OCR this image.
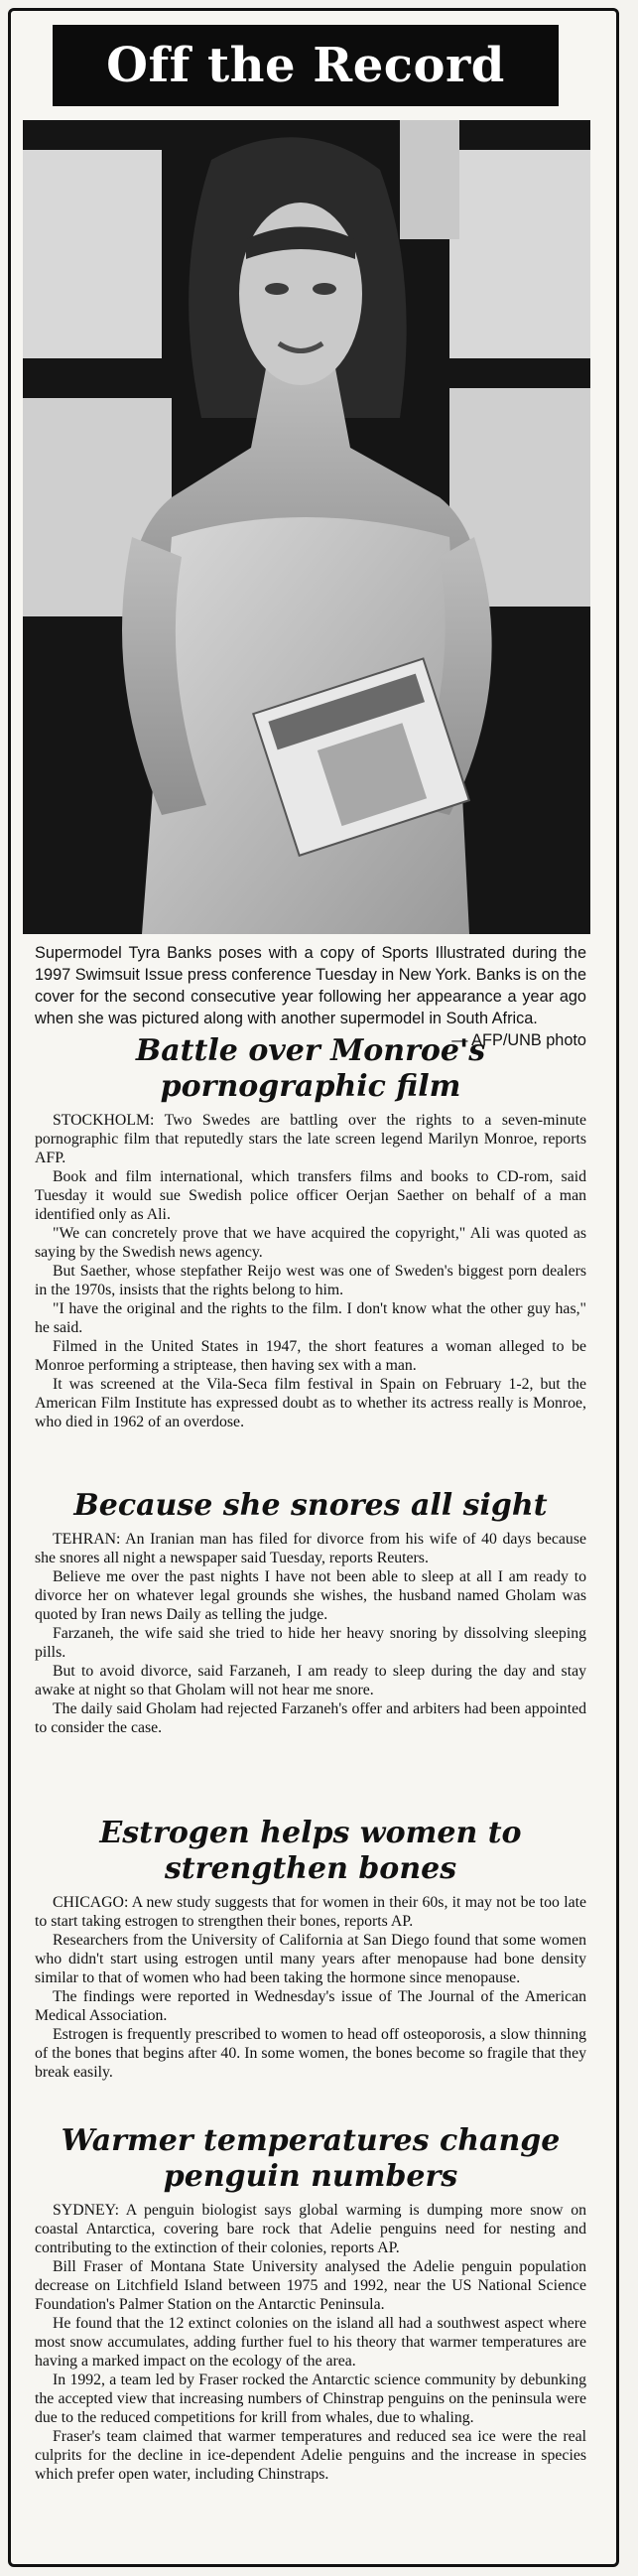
Off the Record
Supermodel Tyra Banks poses with a copy of Sports Illustrated during the 1997 Swimsuit Issue press conference Tuesday in New York. Banks is on the cover for the second consecutive year following her appearance a year ago when she was pictured along with another supermodel in South Africa.
— AFP/UNB photo
Battle over Monroe's pornographic film

STOCKHOLM: Two Swedes are battling over the rights to a seven-minute pornographic film that reputedly stars the late screen legend Marilyn Monroe, reports AFP.

Book and film international, which transfers films and books to CD-rom, said Tuesday it would sue Swedish police officer Oerjan Saether on behalf of a man identified only as Ali.

"We can concretely prove that we have acquired the copyright," Ali was quoted as saying by the Swedish news agency.

But Saether, whose stepfather Reijo west was one of Sweden's biggest porn dealers in the 1970s, insists that the rights belong to him.

"I have the original and the rights to the film. I don't know what the other guy has," he said.

Filmed in the United States in 1947, the short features a woman alleged to be Monroe performing a striptease, then having sex with a man.

It was screened at the Vila-Seca film festival in Spain on February 1-2, but the American Film Institute has expressed doubt as to whether its actress really is Monroe, who died in 1962 of an overdose.

Because she snores all sight

TEHRAN: An Iranian man has filed for divorce from his wife of 40 days because she snores all night a newspaper said Tuesday, reports Reuters.

Believe me over the past nights I have not been able to sleep at all I am ready to divorce her on whatever legal grounds she wishes, the husband named Gholam was quoted by Iran news Daily as telling the judge.

Farzaneh, the wife said she tried to hide her heavy snoring by dissolving sleeping pills.

But to avoid divorce, said Farzaneh, I am ready to sleep during the day and stay awake at night so that Gholam will not hear me snore.

The daily said Gholam had rejected Farzaneh's offer and arbiters had been appointed to consider the case.

Estrogen helps women to strengthen bones

CHICAGO: A new study suggests that for women in their 60s, it may not be too late to start taking estrogen to strengthen their bones, reports AP.

Researchers from the University of California at San Diego found that some women who didn't start using estrogen until many years after menopause had bone density similar to that of women who had been taking the hormone since menopause.

The findings were reported in Wednesday's issue of The Journal of the American Medical Association.

Estrogen is frequently prescribed to women to head off osteoporosis, a slow thinning of the bones that begins after 40. In some women, the bones become so fragile that they break easily.

Warmer temperatures change penguin numbers

SYDNEY: A penguin biologist says global warming is dumping more snow on coastal Antarctica, covering bare rock that Adelie penguins need for nesting and contributing to the extinction of their colonies, reports AP.

Bill Fraser of Montana State University analysed the Adelie penguin population decrease on Litchfield Island between 1975 and 1992, near the US National Science Foundation's Palmer Station on the Antarctic Peninsula.

He found that the 12 extinct colonies on the island all had a southwest aspect where most snow accumulates, adding further fuel to his theory that warmer temperatures are having a marked impact on the ecology of the area.

In 1992, a team led by Fraser rocked the Antarctic science community by debunking the accepted view that increasing numbers of Chinstrap penguins on the peninsula were due to the reduced competitions for krill from whales, due to whaling.

Fraser's team claimed that warmer temperatures and reduced sea ice were the real culprits for the decline in ice-dependent Adelie penguins and the increase in species which prefer open water, including Chinstraps.
